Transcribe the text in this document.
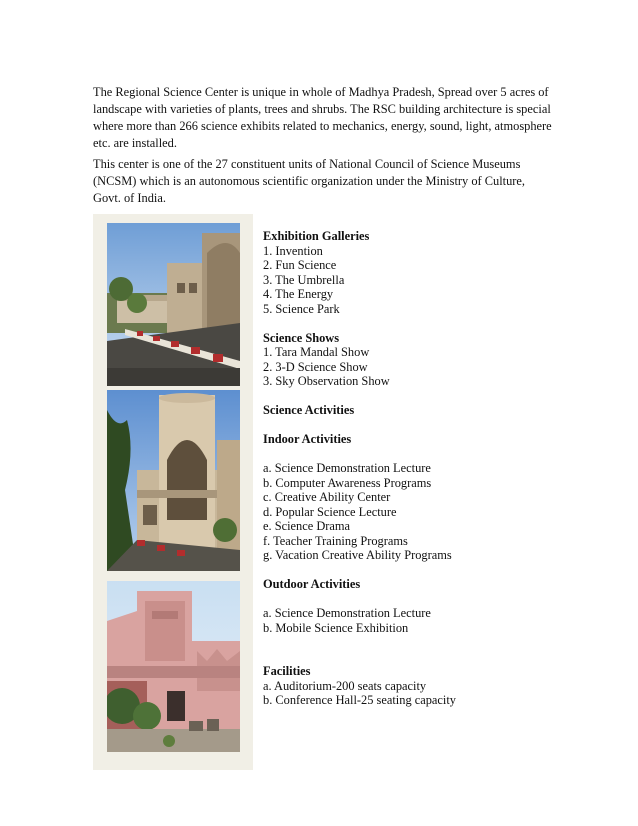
The Regional Science Center is unique in whole of Madhya Pradesh, Spread over 5 acres of landscape with varieties of plants, trees and shrubs. The RSC building architecture is special where more than 266 science exhibits related to mechanics, energy, sound, light, atmosphere etc. are installed.

This center is one of the 27 constituent units of National Council of Science Museums (NCSM) which is an autonomous scientific organization under the Ministry of Culture, Govt. of India.

Exhibition Galleries

1. Invention
2. Fun Science
3. The Umbrella
4. The Energy
5. Science Park

Science Shows

1. Tara Mandal Show
2. 3-D Science Show
3. Sky Observation Show

Science Activities

Indoor Activities

a. Science Demonstration Lecture
b. Computer Awareness Programs
c. Creative Ability Center
d. Popular Science Lecture
e. Science Drama
f. Teacher Training Programs
g. Vacation Creative Ability Programs

Outdoor Activities

a. Science Demonstration Lecture
b. Mobile Science Exhibition

Facilities

a. Auditorium-200 seats capacity
b. Conference Hall-25 seating capacity
